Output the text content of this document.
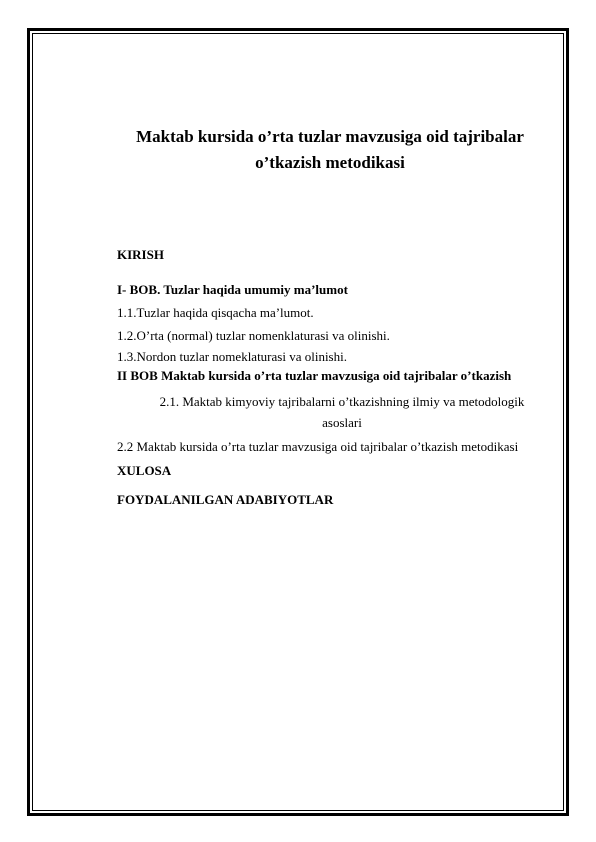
Maktab kursida o’rta tuzlar mavzusiga oid tajribalar
o’tkazish metodikasi
KIRISH
I- BOB. Tuzlar haqida umumiy ma’lumot
1.1.Tuzlar haqida qisqacha ma’lumot.
1.2.O’rta (normal) tuzlar nomenklaturasi va olinishi.
1.3.Nordon tuzlar nomeklaturasi va olinishi.
II BOB Maktab kursida o’rta tuzlar mavzusiga oid tajribalar o’tkazish
2.1. Maktab kimyoviy tajribalarni o’tkazishning ilmiy va metodologik
asoslari
2.2 Maktab kursida o’rta tuzlar mavzusiga oid tajribalar o’tkazish metodikasi
XULOSA
FOYDALANILGAN ADABIYOTLAR
